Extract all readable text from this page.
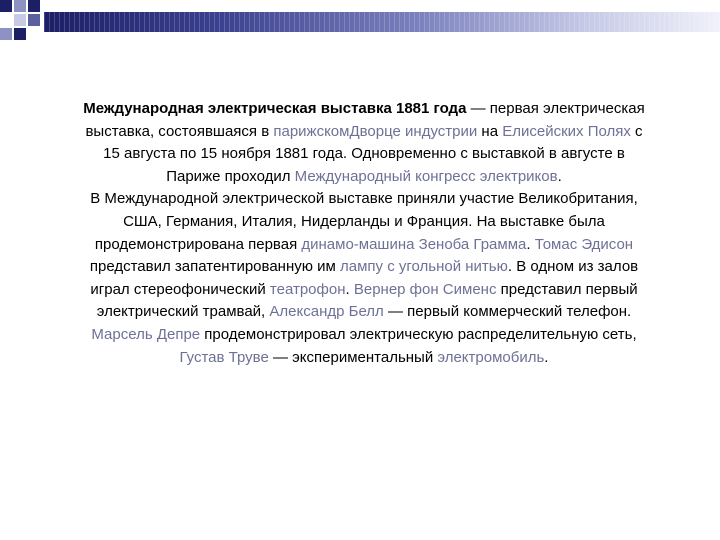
Международная электрическая выставка 1881 года — первая электрическая выставка, состоявшаяся в парижскомДворце индустрии на Елисейских Полях с 15 августа по 15 ноября 1881 года. Одновременно с выставкой в августе в Париже проходил Международный конгресс электриков.

В Международной электрической выставке приняли участие Великобритания, США, Германия, Италия, Нидерланды и Франция. На выставке была продемонстрирована первая динамо-машина Зеноба Грамма. Томас Эдисон представил запатентированную им лампу с угольной нитью. В одном из залов играл стереофонический театрофон. Вернер фон Сименс представил первый электрический трамвай, Александр Белл — первый коммерческий телефон. Марсель Депре продемонстрировал электрическую распределительную сеть, Густав Труве — экспериментальный электромобиль.
